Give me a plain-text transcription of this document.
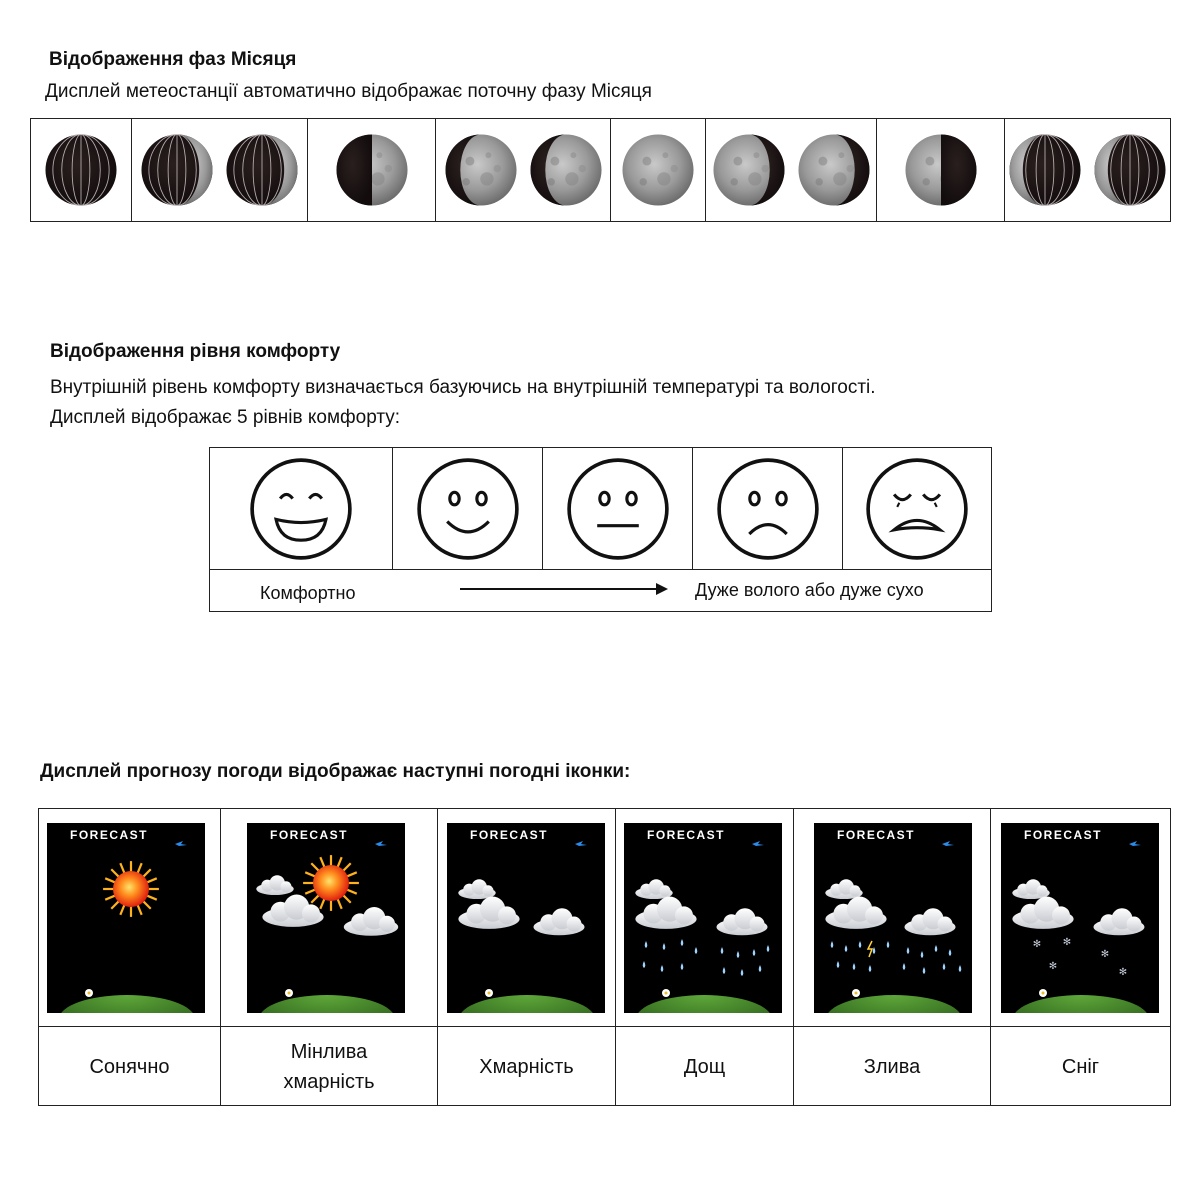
Відображення фаз Місяця
Дисплей метеостанції автоматично відображає поточну фазу Місяця
Відображення рівня комфорту
Внутрішній рівень комфорту визначається базуючись на внутрішній температурі та вологості.
Дисплей відображає 5 рівнів комфорту:
Комфортно	Дуже волого або дуже сухо
Дисплей прогнозу погоди відображає наступні погодні іконки:
FORECAST
Сонячно
FORECAST
Мінлива хмарність
FORECAST
Хмарність
FORECAST
Дощ
FORECAST
Злива
FORECAST
✻
✻
✻
✻
✻
Сніг
